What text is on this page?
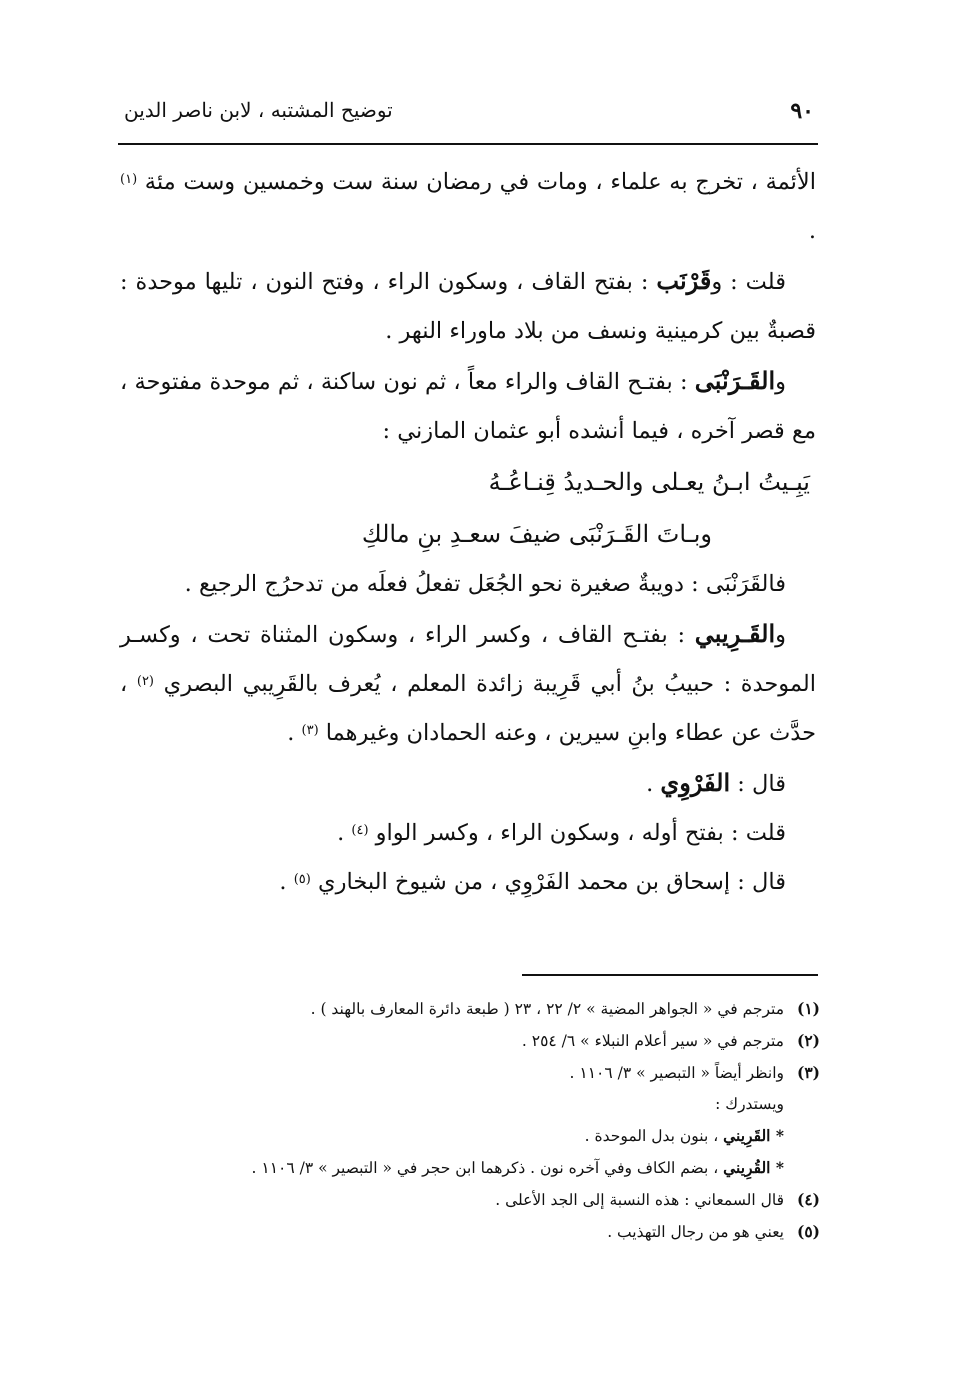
٩٠
توضيح المشتبه ، لابن ناصر الدين

الأئمة ، تخرج به علماء ، ومات في رمضان سنة ست وخمسين وست مئة $^{(١)}$ .

قلت : وقَرْنَب : بفتح القاف ، وسكون الراء ، وفتح النون ، تليها موحدة : قصبةٌ بين كرمينية ونسف من بلاد ماوراء النهر .

والقَـرَنْبَى : بفتـح القاف والراء معاً ، ثم نون ساكنة ، ثم موحدة مفتوحة ، مع قصر آخره ، فيما أنشده أبو عثمان المازني :

يَبِـيتُ ابـنُ يعـلى والحـديدُ قِنـاعُـهُ

وبـاتَ القَـرَنْبَى ضيفَ سعـدِ بنِ مالكِ

فالقَرَنْبَى : دويبةٌ صغيرة نحو الجُعَل تفعلُ فعلَه من تدحرُج الرجيع .

والقَـرِيبي : بفتـح القاف ، وكسر الراء ، وسكون المثناة تحت ، وكسـر الموحدة : حبيبُ بنُ أبي قَرِيبة زائدة المعلم ، يُعرف بالقَرِيبي البصري $^{(٢)}$ ، حدَّث عن عطاء وابنِ سيرين ، وعنه الحمادان وغيرهما $^{(٣)}$ .

قال : الفَرْوِي .

قلت : بفتح أوله ، وسكون الراء ، وكسر الواو $^{(٤)}$ .

قال : إسحاق بن محمد الفَرْوِي ، من شيوخ البخاري $^{(٥)}$ .

(١)مترجم في « الجواهر المضية » ٢/ ٢٢ ، ٢٣ ( طبعة دائرة المعارف بالهند ) .

(٢)مترجم في « سير أعلام النبلاء » ٦/ ٢٥٤ .

(٣)وانظر أيضاً « التبصير » ٣/ ١١٠٦ .

ويستدرك :

* القَرِيني ، بنون بدل الموحدة .

* القُرِيني ، بضم الكاف وفي آخره نون . ذكرهما ابن حجر في « التبصير » ٣/ ١١٠٦ .

(٤)قال السمعاني : هذه النسبة إلى الجد الأعلى .

(٥)يعني هو من رجال التهذيب .
